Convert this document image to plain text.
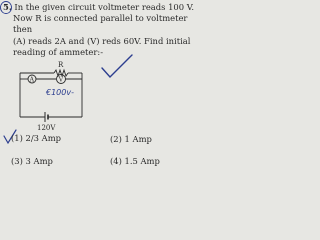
5. In the given circuit voltmeter reads 100 V.
Now R is connected parallel to voltmeter then
(A) reads 2A and (V) reds 60V. Find initial
reading of ammeter:-
R
A	V
€100v-
120V
(1) 2/3 Amp	(2) 1 Amp
(3) 3 Amp	(4) 1.5 Amp
